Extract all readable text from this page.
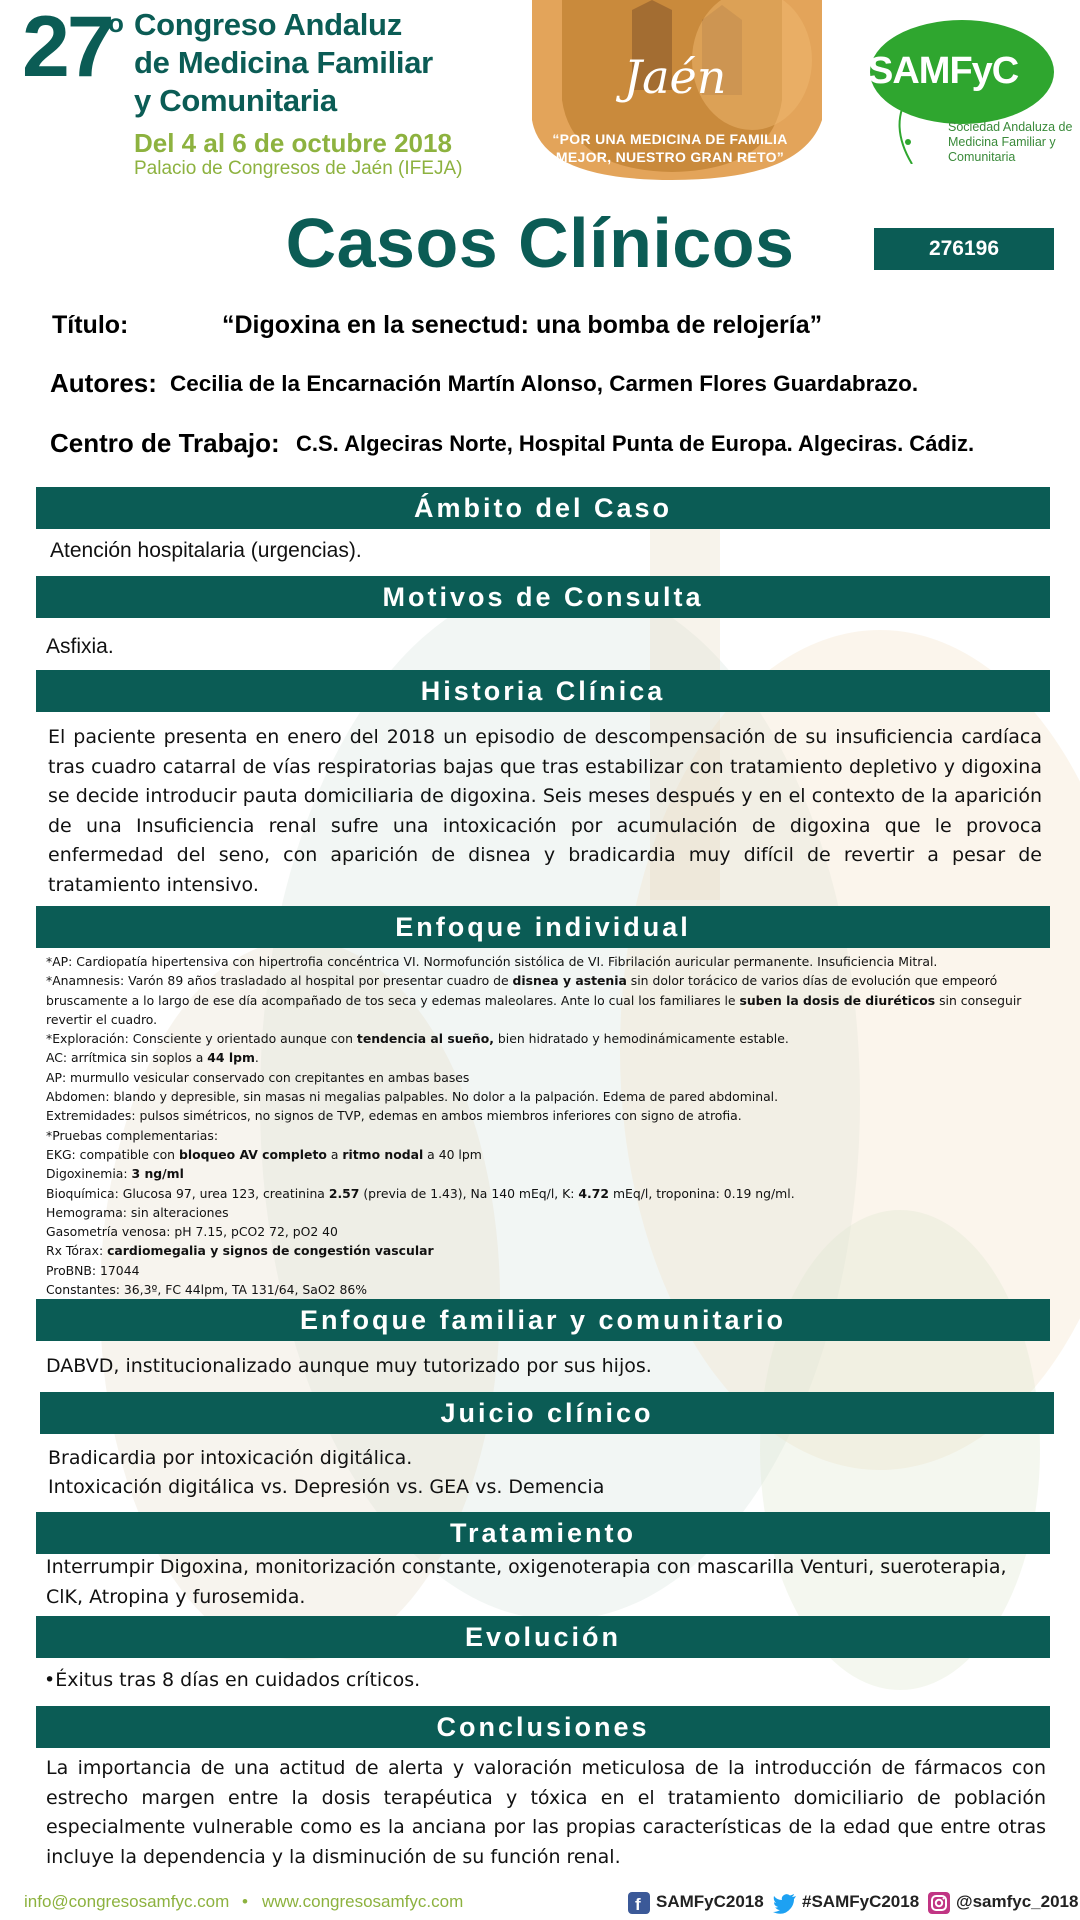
27
o Congreso Andaluz de Medicina Familiar y Comunitaria
Del 4 al 6 de octubre 2018
Palacio de Congresos de Jaén (IFEJA)
Jaén
“POR UNA MEDICINA DE FAMILIA MEJOR, NUESTRO GRAN RETO”
SAMFyC
Sociedad Andaluza de Medicina Familiar y Comunitaria
Casos Clínicos	276196
Título:	“Digoxina en la senectud: una bomba de relojería”
Autores: Cecilia de la Encarnación Martín Alonso, Carmen Flores Guardabrazo.
Centro de Trabajo: C.S. Algeciras Norte, Hospital Punta de Europa. Algeciras. Cádiz.
Ámbito del Caso
Atención hospitalaria (urgencias).
Motivos de Consulta
Asfixia.
Historia Clínica
El paciente presenta en enero del 2018 un episodio de descompensación de su insuficiencia cardíaca tras cuadro catarral de vías respiratorias bajas que tras estabilizar con tratamiento depletivo y digoxina se decide introducir pauta domiciliaria de digoxina. Seis meses después y en el contexto de la aparición de una Insuficiencia renal sufre una intoxicación por acumulación de digoxina que le provoca enfermedad del seno, con aparición de disnea y bradicardia muy difícil de revertir a pesar de tratamiento intensivo.
Enfoque individual
*AP: Cardiopatía hipertensiva con hipertrofia concéntrica VI. Normofunción sistólica de VI. Fibrilación auricular permanente. Insuficiencia Mitral.
*Anamnesis: Varón 89 años trasladado al hospital por presentar cuadro de disnea y astenia sin dolor torácico de varios días de evolución que empeoró bruscamente a lo largo de ese día acompañado de tos seca y edemas maleolares. Ante lo cual los familiares le suben la dosis de diuréticos sin conseguir revertir el cuadro.
*Exploración: Consciente y orientado aunque con tendencia al sueño, bien hidratado y hemodinámicamente estable.
AC: arrítmica sin soplos a 44 lpm.
AP: murmullo vesicular conservado con crepitantes en ambas bases
Abdomen: blando y depresible, sin masas ni megalias palpables. No dolor a la palpación. Edema de pared abdominal.
Extremidades: pulsos simétricos, no signos de TVP, edemas en ambos miembros inferiores con signo de atrofia.
*Pruebas complementarias:
EKG: compatible con bloqueo AV completo a ritmo nodal a 40 lpm
Digoxinemia: 3 ng/ml
Bioquímica: Glucosa 97, urea 123, creatinina 2.57 (previa de 1.43), Na 140 mEq/l, K: 4.72 mEq/l, troponina: 0.19 ng/ml.
Hemograma: sin alteraciones
Gasometría venosa: pH 7.15, pCO2 72, pO2 40
Rx Tórax: cardiomegalia y signos de congestión vascular
ProBNB: 17044
Constantes: 36,3º, FC 44lpm, TA 131/64, SaO2 86%
Enfoque familiar y comunitario
DABVD, institucionalizado aunque muy tutorizado por sus hijos.
Juicio clínico
Bradicardia por intoxicación digitálica.
Intoxicación digitálica vs. Depresión vs. GEA vs. Demencia
Tratamiento
Interrumpir Digoxina, monitorización constante, oxigenoterapia con mascarilla Venturi, sueroterapia, ClK, Atropina y furosemida.
Evolución
•Éxitus tras 8 días en cuidados críticos.
Conclusiones
La importancia de una actitud de alerta y valoración meticulosa de la introducción de fármacos con estrecho margen entre la dosis terapéutica y tóxica en el tratamiento domiciliario de población especialmente vulnerable como es la anciana por las propias características de la edad que entre otras incluye la dependencia y la disminución de su función renal.
info@congresosamfyc.com • www.congresosamfyc.com	f SAMFyC2018 #SAMFyC2018 @samfyc_2018
